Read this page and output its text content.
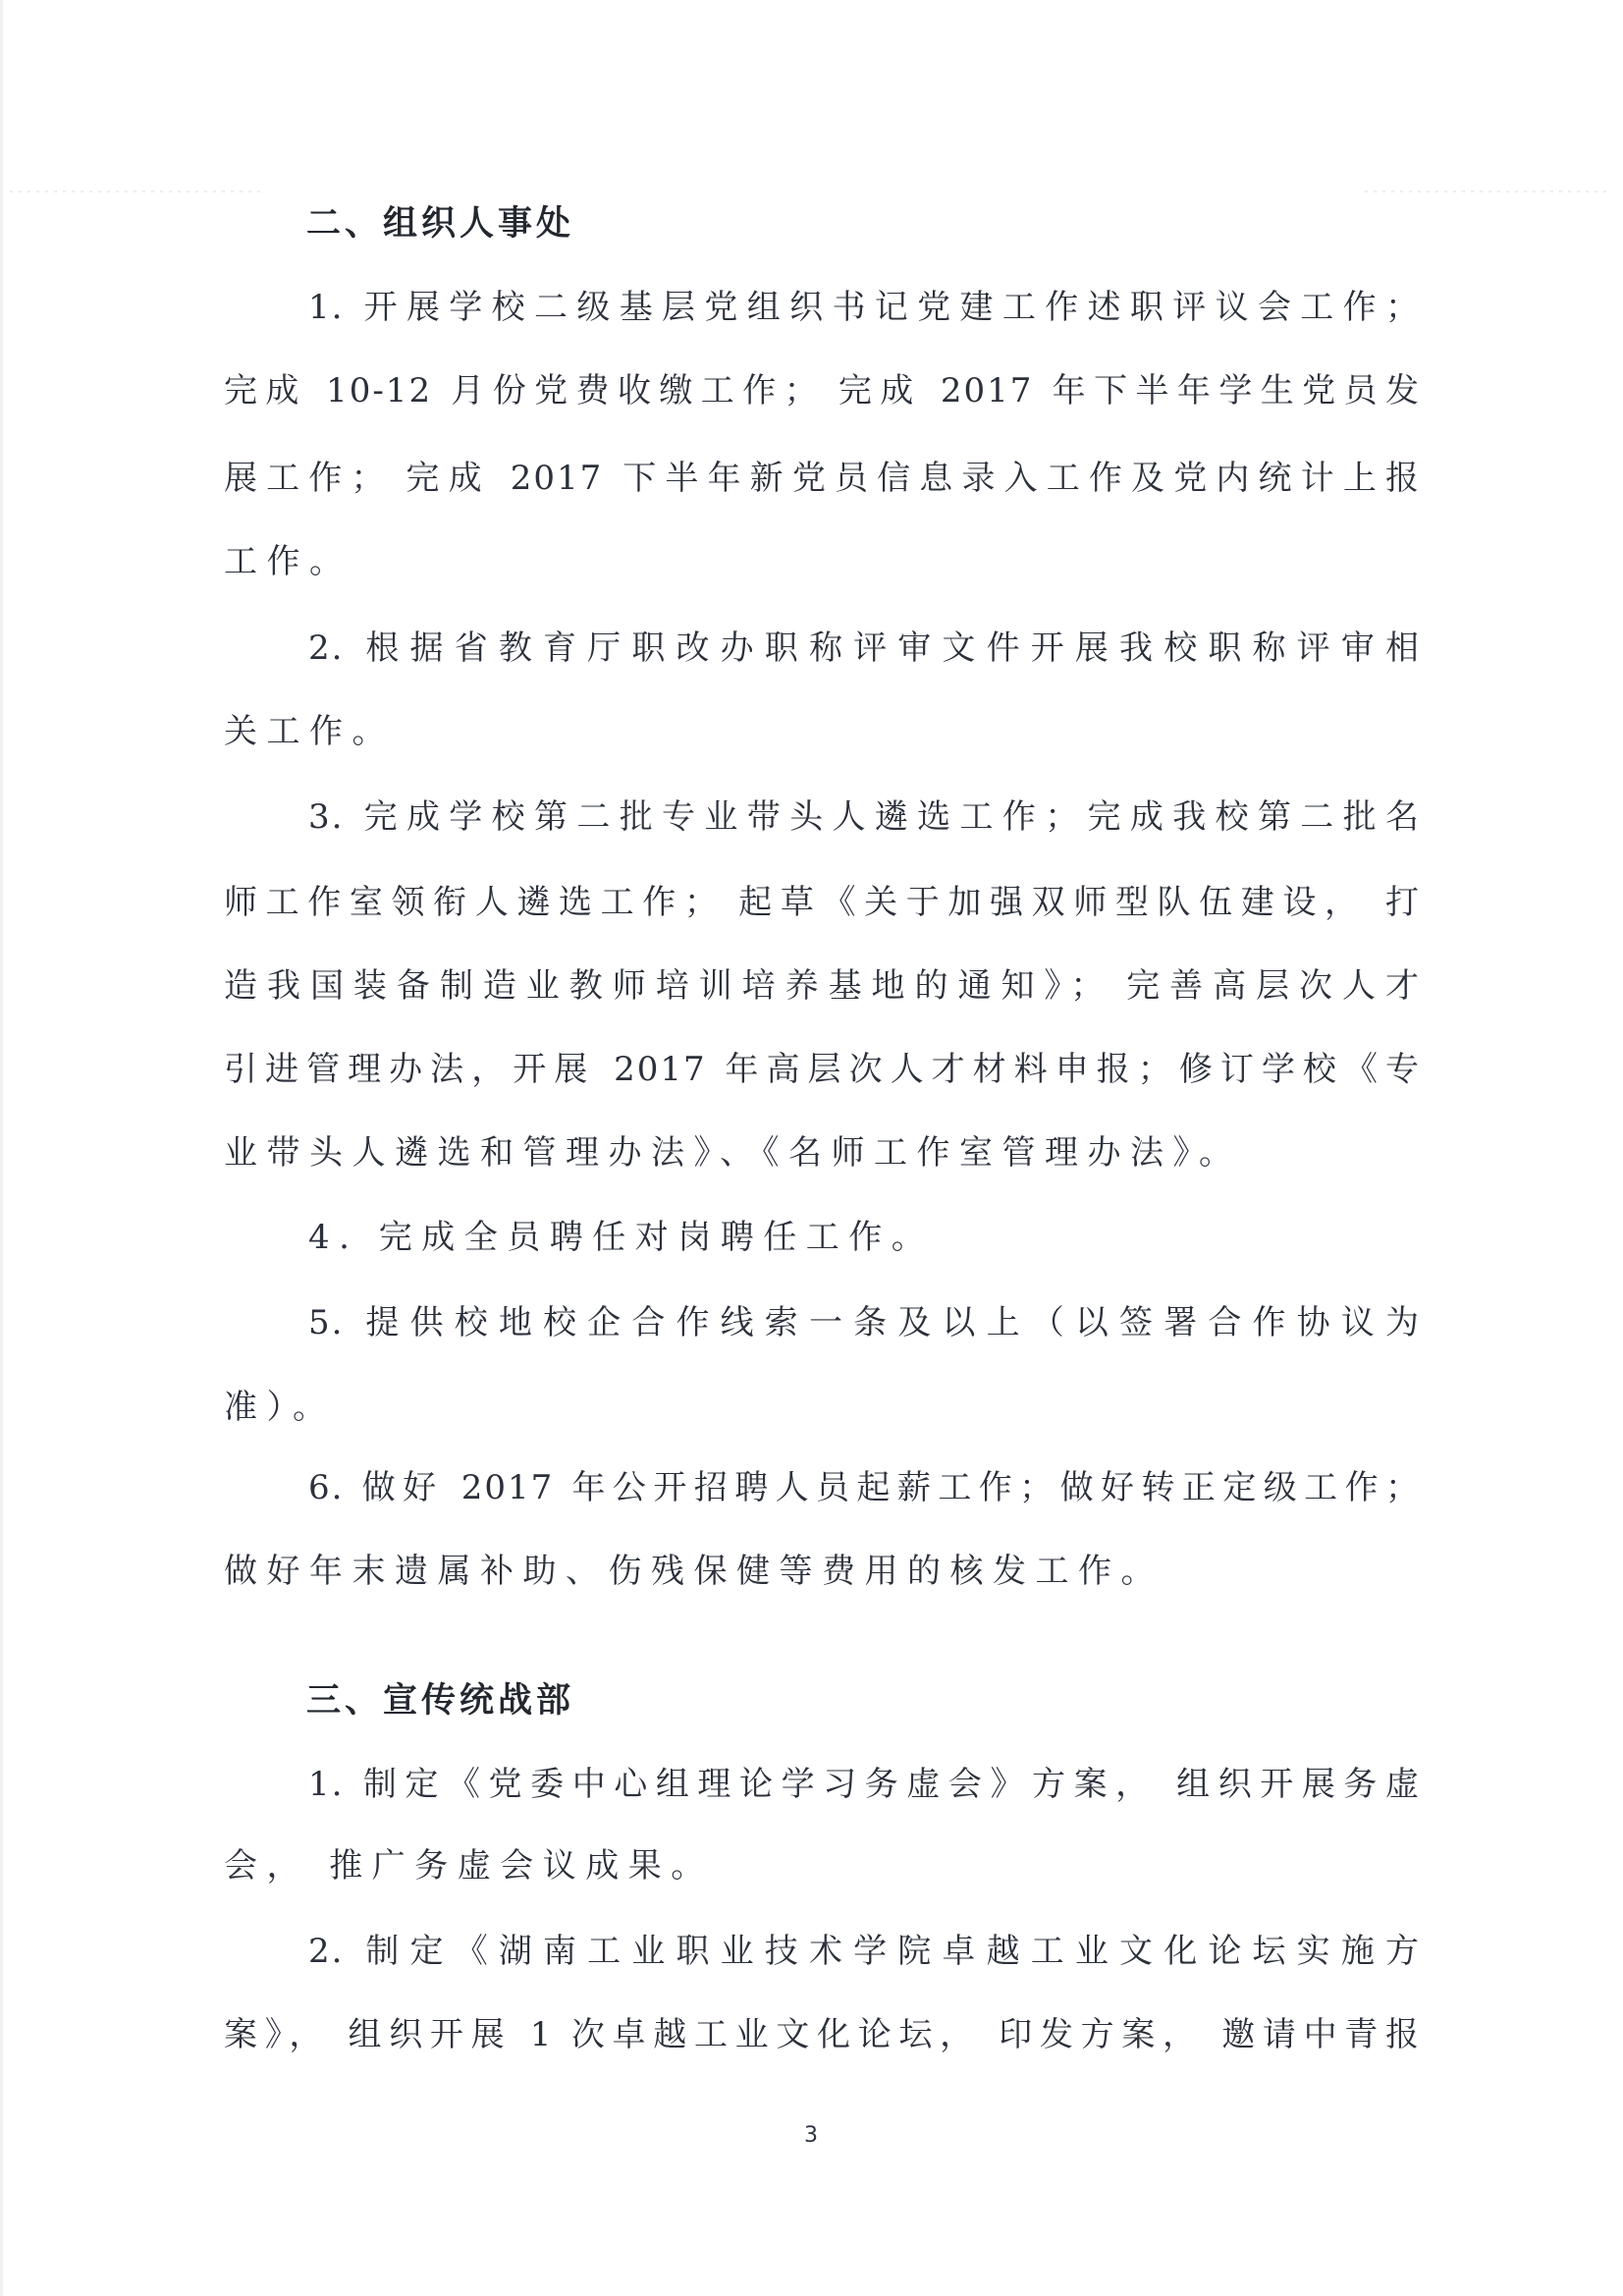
二、组织人事处
1. 开展学校二级基层党组织书记党建工作述职评议会工作；
完成 10-12 月份党费收缴工作； 完成 2017 年下半年学生党员发
展工作； 完成 2017 下半年新党员信息录入工作及党内统计上报
工作。
2. 根据省教育厅职改办职称评审文件开展我校职称评审相
关工作。
3. 完成学校第二批专业带头人遴选工作；完成我校第二批名
师工作室领衔人遴选工作； 起草《关于加强双师型队伍建设， 打
造我国装备制造业教师培训培养基地的通知》； 完善高层次人才
引进管理办法，开展 2017 年高层次人才材料申报；修订学校《专
业带头人遴选和管理办法》、《名师工作室管理办法》。
4. 完成全员聘任对岗聘任工作。
5. 提供校地校企合作线索一条及以上（以签署合作协议为
准）。
6. 做好 2017 年公开招聘人员起薪工作；做好转正定级工作；
做好年末遗属补助、伤残保健等费用的核发工作。
三、宣传统战部
1. 制定《党委中心组理论学习务虚会》方案， 组织开展务虚
会， 推广务虚会议成果。
2. 制定《湖南工业职业技术学院卓越工业文化论坛实施方
案》， 组织开展 1 次卓越工业文化论坛， 印发方案， 邀请中青报
3
